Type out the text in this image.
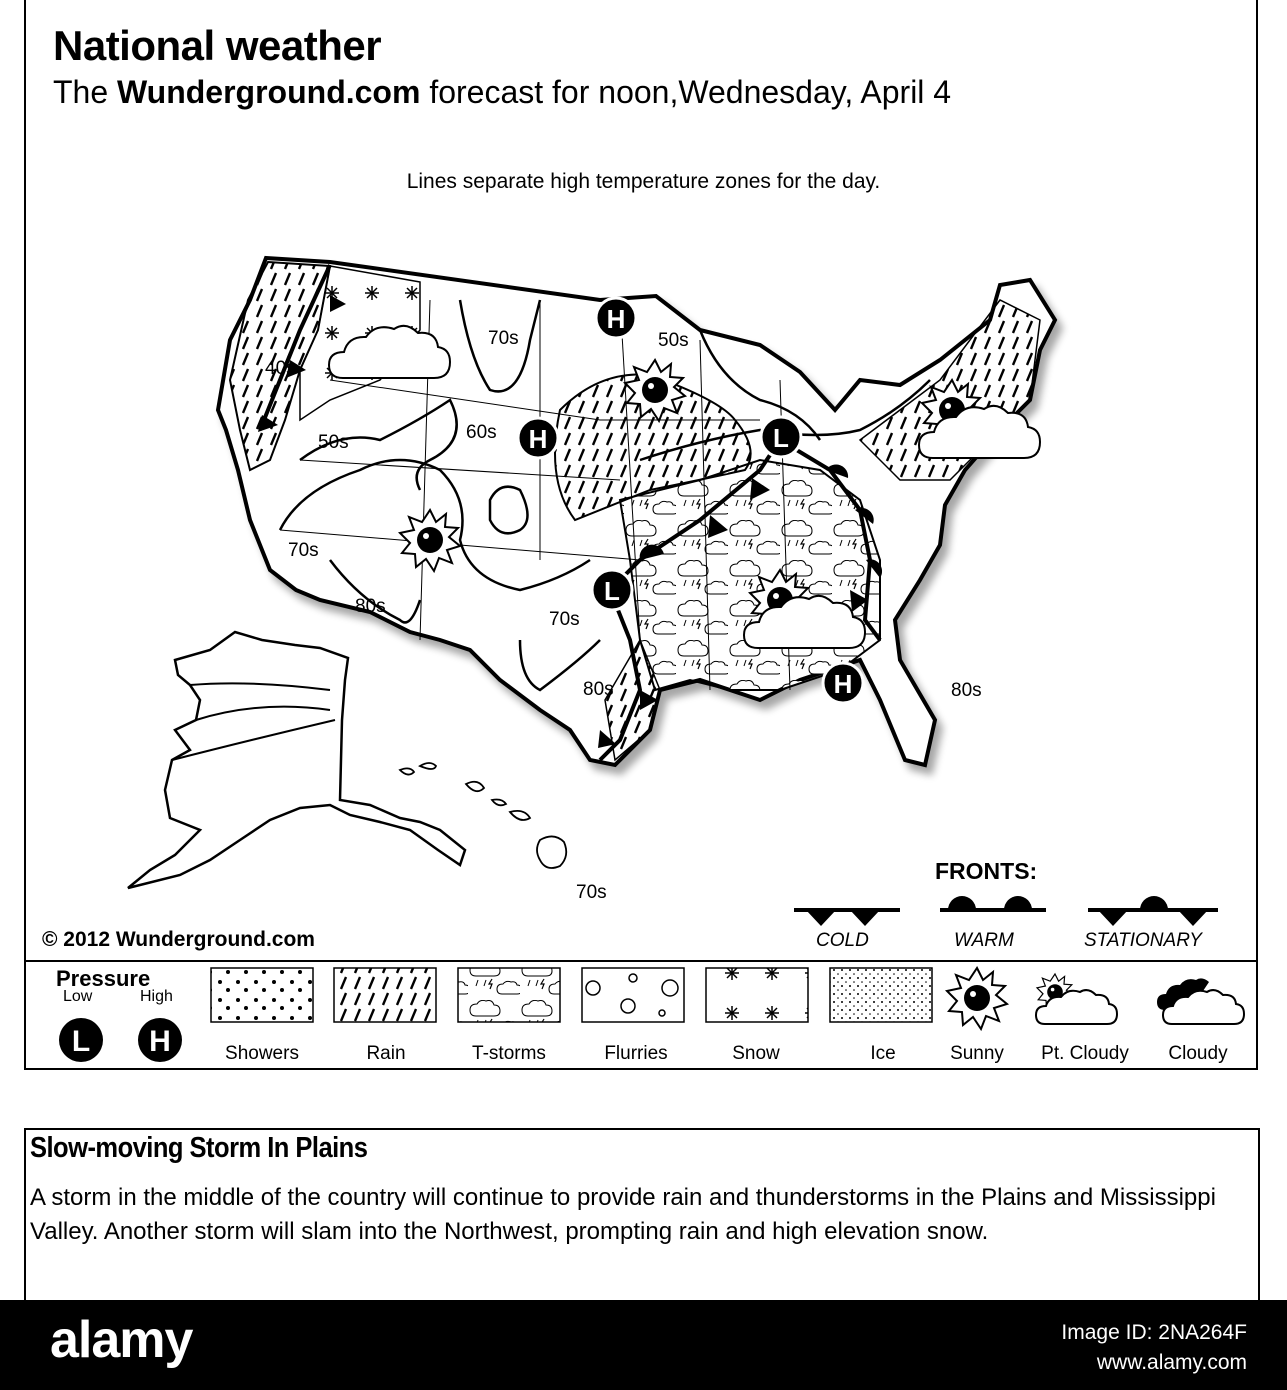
National weather
The Wunderground.com forecast for noon,Wednesday, April 4
Lines separate high temperature zones for the day.
H
H
H
L
L
70s	50s
40s
50s	60s
70s
80s
70s
80s	80s
70s
© 2012 Wunderground.com
FRONTS:
COLD	WARM	STATIONARY
Pressure
Low	High
L H	Showers	Rain	T-storms	Flurries	Snow	Ice	Sunny	Pt. Cloudy	Cloudy
Slow-moving Storm In Plains
A storm in the middle of the country will continue to provide rain and thunderstorms in the Plains and Mississippi Valley. Another storm will slam into the Northwest, prompting rain and high elevation snow.
alamy	Image ID: 2NA264F
www.alamy.com
